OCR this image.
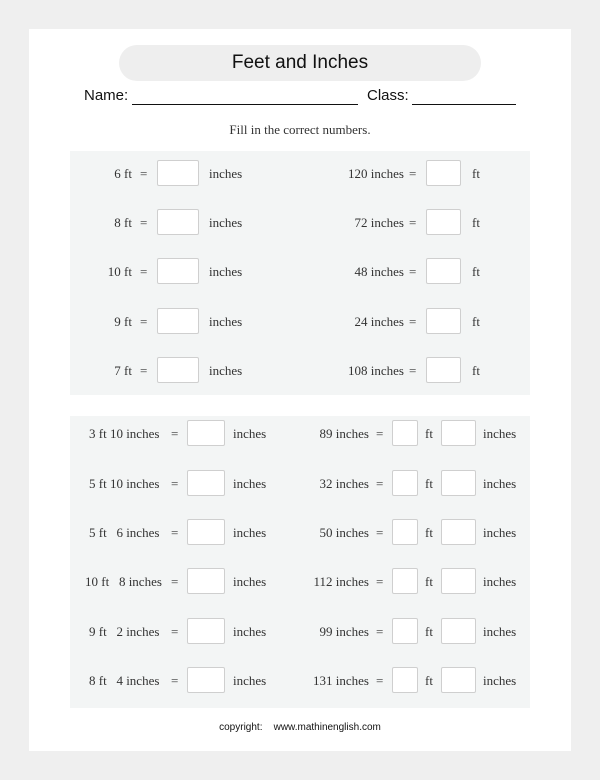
Feet and Inches
Name:	Class:
Fill in the correct numbers.
6 ft =	inches	120 inches =	ft
8 ft =	inches	72 inches =	ft
10 ft =	inches	48 inches =	ft
9 ft =	inches	24 inches =	ft
7 ft =	inches	108 inches =	ft
3 ft 10 inches =	inches	89 inches =	ft	inches
5 ft 10 inches =	inches	32 inches =	ft	inches
5 ft   6 inches =	inches	50 inches =	ft	inches
10 ft   8 inches =	inches	112 inches =	ft	inches
9 ft   2 inches =	inches	99 inches =	ft	inches
8 ft   4 inches =	inches	131 inches =	ft	inches
copyright:    www.mathinenglish.com
